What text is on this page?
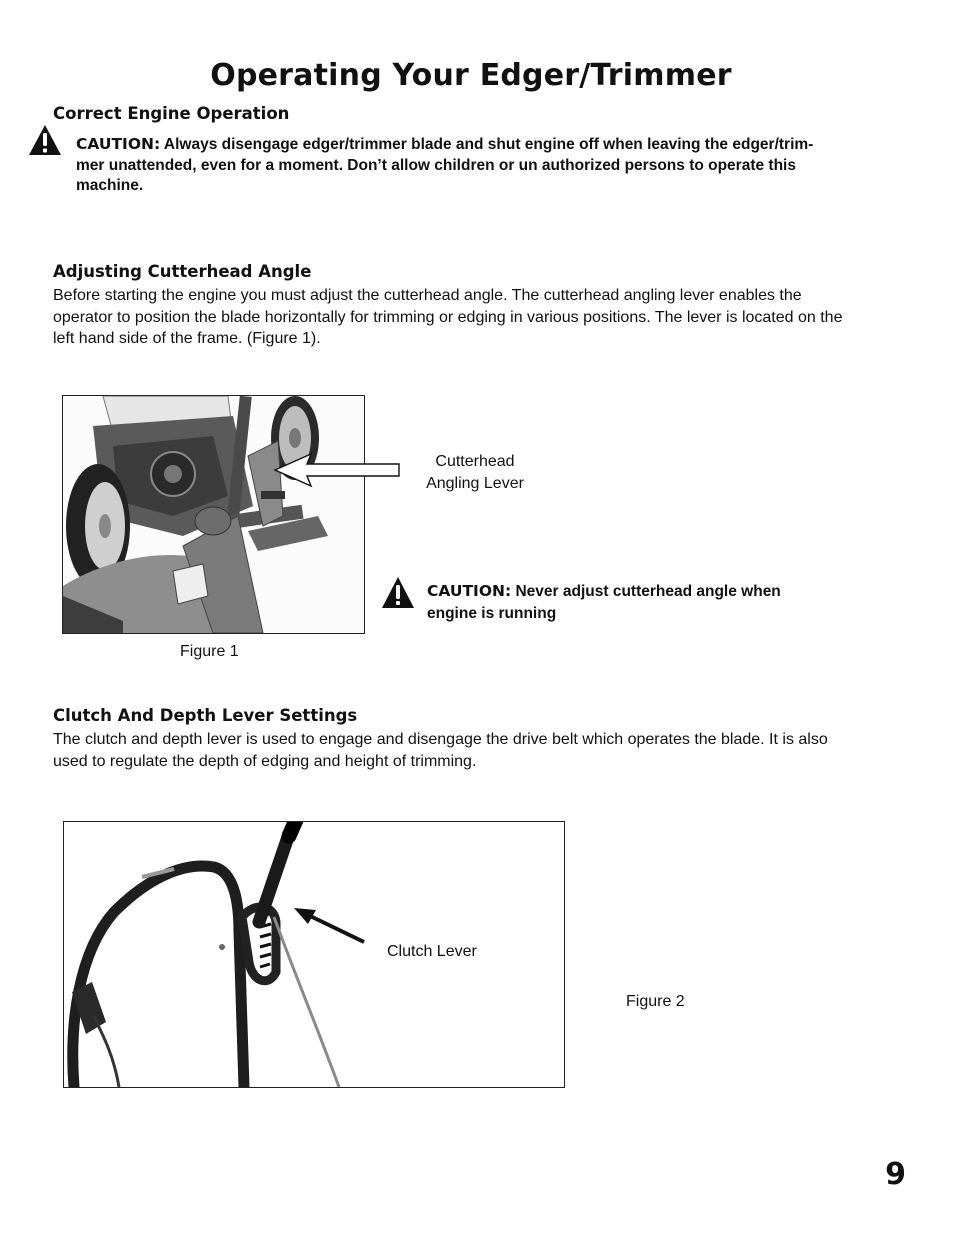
Operating Your Edger/Trimmer
Correct Engine Operation
CAUTION: Always disengage edger/trimmer blade and shut engine off when leaving the edger/trim-
mer unattended, even for a moment. Don’t allow children or un authorized persons to operate this
machine.
Adjusting Cutterhead Angle
Before starting the engine you must adjust the cutterhead angle. The cutterhead angling lever enables the
operator to position the blade horizontally for trimming or edging in various positions. The lever is located on the
left hand side of the frame. (Figure 1).
Cutterhead
Angling Lever
CAUTION: Never adjust cutterhead angle when
engine is running
Figure 1
Clutch And Depth Lever Settings
The clutch and depth lever is used to engage and disengage the drive belt which operates the blade. It is also
used to regulate the depth of edging and height of trimming.
Clutch Lever
Figure 2
9
